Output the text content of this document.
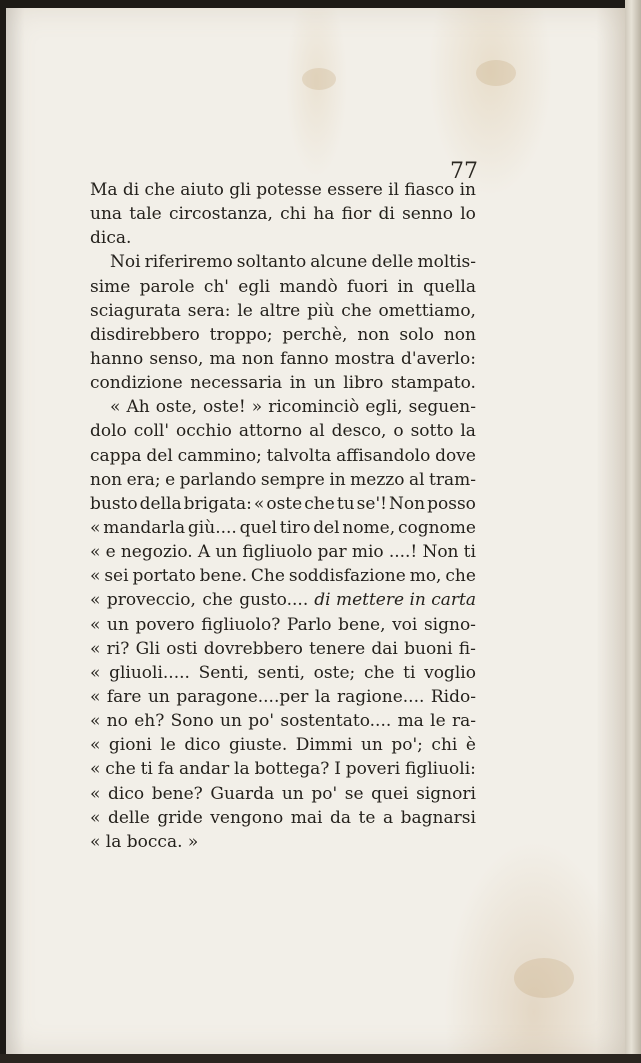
77
Ma di che aiuto gli potesse essere il fiasco in
una tale circostanza, chi ha fior di senno lo
dica.
Noi riferiremo soltanto alcune delle moltis-
sime parole ch' egli mandò fuori in quella
sciagurata sera: le altre più che omettiamo,
disdirebbero troppo; perchè, non solo non
hanno senso, ma non fanno mostra d'averlo:
condizione necessaria in un libro stampato.
« Ah oste, oste! » ricominciò egli, seguen-
dolo coll' occhio attorno al desco, o sotto la
cappa del cammino; talvolta affisandolo dove
non era; e parlando sempre in mezzo al tram-
busto della brigata: « oste che tu se'! Non posso
« mandarla giù.... quel tiro del nome, cognome
« e negozio. A un figliuolo par mio ....! Non ti
« sei portato bene. Che soddisfazione mo, che
« proveccio, che gusto.... di mettere in carta
« un povero figliuolo? Parlo bene, voi signo-
« ri? Gli osti dovrebbero tenere dai buoni fi-
« gliuoli..... Senti, senti, oste; che ti voglio
« fare un paragone....per la ragione.... Rido-
« no eh? Sono un po' sostentato.... ma le ra-
« gioni le dico giuste. Dimmi un po'; chi è
« che ti fa andar la bottega? I poveri figliuoli:
« dico bene? Guarda un po' se quei signori
« delle gride vengono mai da te a bagnarsi
« la bocca. »
